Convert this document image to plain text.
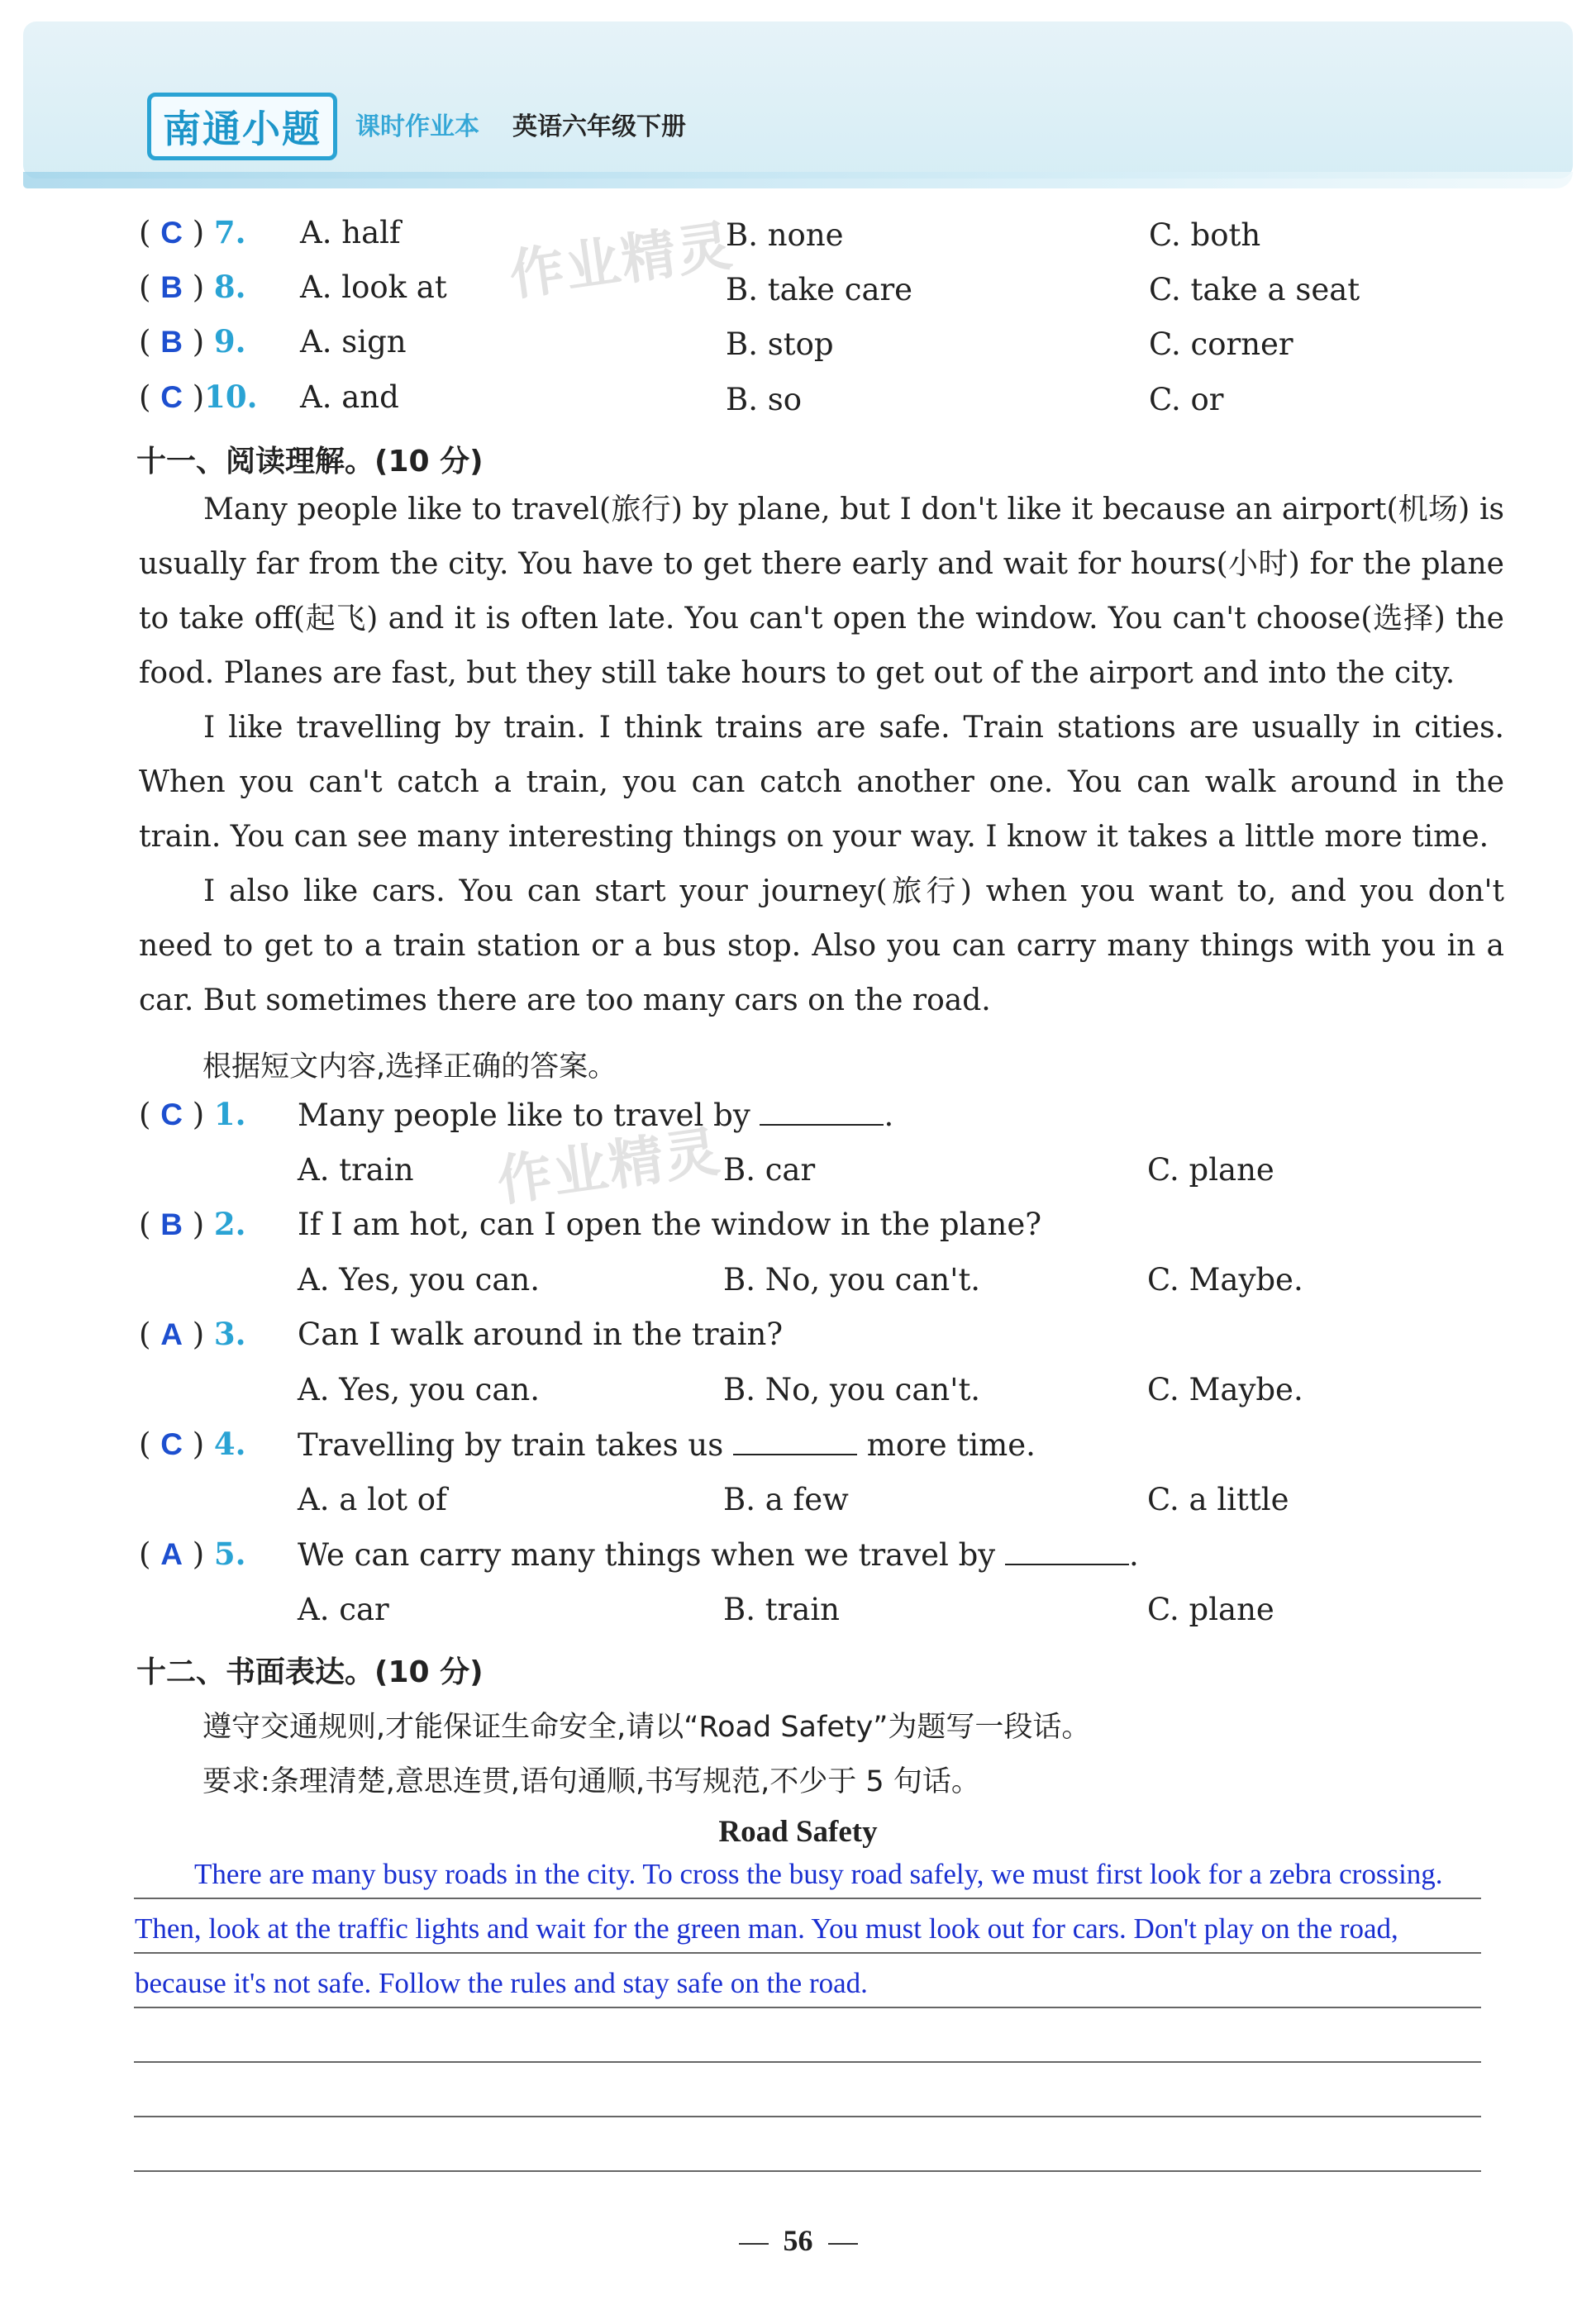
南通小题 课时作业本 英语六年级下册
作业精灵
作业精灵
( C ) 7. A. half	B. none	C. both
( B ) 8. A. look at	B. take care	C. take a seat
( B ) 9. A. sign	B. stop	C. corner
( C )10. A. and	B. so	C. or
十一、阅读理解。(10 分)

Many people like to travel(旅行) by plane, but I don't like it because an airport(机场) is usually far from the city. You have to get there early and wait for hours(小时) for the plane to take off(起飞) and it is often late. You can't open the window. You can't choose(选择) the food. Planes are fast, but they still take hours to get out of the airport and into the city.

I like travelling by train. I think trains are safe. Train stations are usually in cities. When you can't catch a train, you can catch another one. You can walk around in the train. You can see many interesting things on your way. I know it takes a little more time.

I also like cars. You can start your journey(旅行) when you want to, and you don't need to get to a train station or a bus stop. Also you can carry many things with you in a car. But sometimes there are too many cars on the road.

根据短文内容,选择正确的答案。
( C ) 1. Many people like to travel by	.
A. train	B. car	C. plane
( B ) 2. If I am hot, can I open the window in the plane?
A. Yes, you can.	B. No, you can't.	C. Maybe.
( A ) 3. Can I walk around in the train?
A. Yes, you can.	B. No, you can't.	C. Maybe.
( C ) 4. Travelling by train takes us	more time.
A. a lot of	B. a few	C. a little
( A ) 5. We can carry many things when we travel by	.
A. car	B. train	C. plane
十二、书面表达。(10 分)
遵守交通规则,才能保证生命安全,请以“Road Safety”为题写一段话。
要求:条理清楚,意思连贯,语句通顺,书写规范,不少于 5 句话。
Road Safety
There are many busy roads in the city. To cross the busy road safely, we must first look for a zebra crossing.
Then, look at the traffic lights and wait for the green man. You must look out for cars. Don't play on the road,
because it's not safe. Follow the rules and stay safe on the road.
56
